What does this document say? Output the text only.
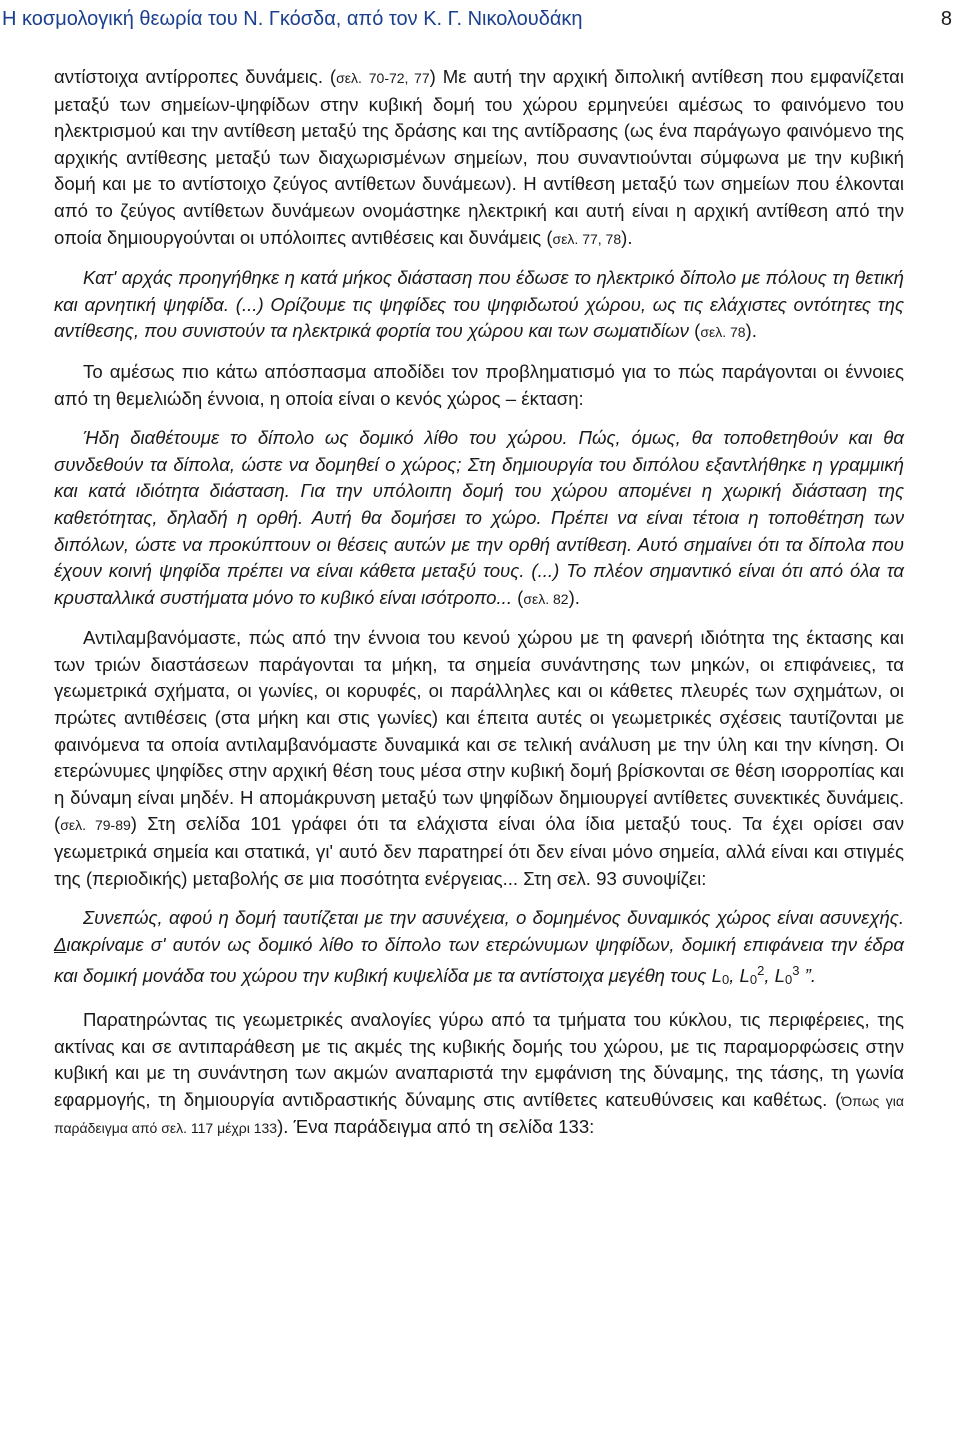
Η κοσμολογική θεωρία του Ν. Γκόσδα, από τον Κ. Γ. Νικολουδάκη	8

αντίστοιχα αντίρροπες δυνάμεις. (σελ. 70-72, 77) Με αυτή την αρχική διπολική αντίθεση που εμφανίζεται μεταξύ των σημείων-ψηφίδων στην κυβική δομή του χώρου ερμηνεύει αμέσως το φαινόμενο του ηλεκτρισμού και την αντίθεση μεταξύ της δράσης και της αντίδρασης (ως ένα παράγωγο φαινόμενο της αρχικής αντίθεσης μεταξύ των διαχωρισμένων σημείων, που συναντιούνται σύμφωνα με την κυβική δομή και με το αντίστοιχο ζεύγος αντίθετων δυνάμεων). Η αντίθεση μεταξύ των σημείων που έλκονται από το ζεύγος αντίθετων δυνάμεων ονομάστηκε ηλεκτρική και αυτή είναι η αρχική αντίθεση από την οποία δημιουργούνται οι υπόλοιπες αντιθέσεις και δυνάμεις (σελ. 77, 78).

Κατ' αρχάς προηγήθηκε η κατά μήκος διάσταση που έδωσε το ηλεκτρικό δίπολο με πόλους τη θετική και αρνητική ψηφίδα. (...) Ορίζουμε τις ψηφίδες του ψηφιδωτού χώρου, ως τις ελάχιστες οντότητες της αντίθεσης, που συνιστούν τα ηλεκτρικά φορτία του χώρου και των σωματιδίων (σελ. 78).

Το αμέσως πιο κάτω απόσπασμα αποδίδει τον προβληματισμό για το πώς παράγονται οι έννοιες από τη θεμελιώδη έννοια, η οποία είναι ο κενός χώρος – έκταση:

Ήδη διαθέτουμε το δίπολο ως δομικό λίθο του χώρου. Πώς, όμως, θα τοποθετηθούν και θα συνδεθούν τα δίπολα, ώστε να δομηθεί ο χώρος; Στη δημιουργία του διπόλου εξαντλήθηκε η γραμμική και κατά ιδιότητα διάσταση. Για την υπόλοιπη δομή του χώρου απομένει η χωρική διάσταση της καθετότητας, δηλαδή η ορθή. Αυτή θα δομήσει το χώρο. Πρέπει να είναι τέτοια η τοποθέτηση των διπόλων, ώστε να προκύπτουν οι θέσεις αυτών με την ορθή αντίθεση. Αυτό σημαίνει ότι τα δίπολα που έχουν κοινή ψηφίδα πρέπει να είναι κάθετα μεταξύ τους. (...) Το πλέον σημαντικό είναι ότι από όλα τα κρυσταλλικά συστήματα μόνο το κυβικό είναι ισότροπο... (σελ. 82).

Αντιλαμβανόμαστε, πώς από την έννοια του κενού χώρου με τη φανερή ιδιότητα της έκτασης και των τριών διαστάσεων παράγονται τα μήκη, τα σημεία συνάντησης των μηκών, οι επιφάνειες, τα γεωμετρικά σχήματα, οι γωνίες, οι κορυφές, οι παράλληλες και οι κάθετες πλευρές των σχημάτων, οι πρώτες αντιθέσεις (στα μήκη και στις γωνίες) και έπειτα αυτές οι γεωμετρικές σχέσεις ταυτίζονται με φαινόμενα τα οποία αντιλαμβανόμαστε δυναμικά και σε τελική ανάλυση με την ύλη και την κίνηση. Οι ετερώνυμες ψηφίδες στην αρχική θέση τους μέσα στην κυβική δομή βρίσκονται σε θέση ισορροπίας και η δύναμη είναι μηδέν. Η απομάκρυνση μεταξύ των ψηφίδων δημιουργεί αντίθετες συνεκτικές δυνάμεις. (σελ. 79-89) Στη σελίδα 101 γράφει ότι τα ελάχιστα είναι όλα ίδια μεταξύ τους. Τα έχει ορίσει σαν γεωμετρικά σημεία και στατικά, γι' αυτό δεν παρατηρεί ότι δεν είναι μόνο σημεία, αλλά είναι και στιγμές της (περιοδικής) μεταβολής σε μια ποσότητα ενέργειας... Στη σελ. 93 συνοψίζει:

Συνεπώς, αφού η δομή ταυτίζεται με την ασυνέχεια, ο δομημένος δυναμικός χώρος είναι ασυνεχής. Διακρίναμε σ' αυτόν ως δομικό λίθο το δίπολο των ετερώνυμων ψηφίδων, δομική επιφάνεια την έδρα και δομική μονάδα του χώρου την κυβική κυψελίδα με τα αντίστοιχα μεγέθη τους L0, $L0^2$, $L0^3$ ”.

Παρατηρώντας τις γεωμετρικές αναλογίες γύρω από τα τμήματα του κύκλου, τις περιφέρειες, της ακτίνας και σε αντιπαράθεση με τις ακμές της κυβικής δομής του χώρου, με τις παραμορφώσεις στην κυβική και με τη συνάντηση των ακμών αναπαριστά την εμφάνιση της δύναμης, της τάσης, τη γωνία εφαρμογής, τη δημιουργία αντιδραστικής δύναμης στις αντίθετες κατευθύνσεις και καθέτως. (Όπως για παράδειγμα από σελ. 117 μέχρι 133). Ένα παράδειγμα από τη σελίδα 133:
